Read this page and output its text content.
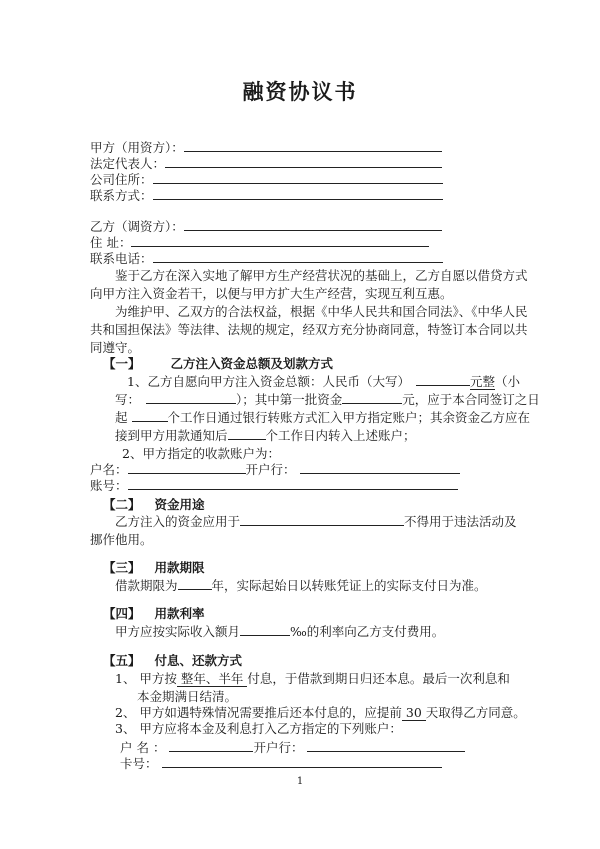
融资协议书
甲方（用资方）：
法定代表人：
公司住所：
联系方式：
乙方（调资方）：
住 址：
联系电话：
鉴于乙方在深入实地了解甲方生产经营状况的基础上，乙方自愿以借贷方式
向甲方注入资金若干，以便与甲方扩大生产经营，实现互利互惠。
为维护甲、乙双方的合法权益，根据《中华人民共和国合同法》、《中华人民
共和国担保法》等法律、法规的规定，经双方充分协商同意，特签订本合同以共
同遵守。
【一】 乙方注入资金总额及划款方式
1、乙方自愿向甲方注入资金总额：人民币（大写）	元整（小
写：	）；其中第一批资金	元，应于本合同签订之日
起	个工作日通过银行转账方式汇入甲方指定账户；其余资金乙方应在
接到甲方用款通知后	个工作日内转入上述账户；
2、甲方指定的收款账户为：
户名：	开户行：
账号：
【二】 资金用途
乙方注入的资金应用于	不得用于违法活动及
挪作他用。
【三】 用款期限
借款期限为	年，实际起始日以转账凭证上的实际支付日为准。
【四】 用款利率
甲方应按实际收入额月	‰的利率向乙方支付费用。
【五】 付息、还款方式
1、 甲方按 整年、半年 付息，于借款到期日归还本息。最后一次利息和
本金期满日结清。
2、 甲方如遇特殊情况需要推后还本付息的，应提前 30 天取得乙方同意。
3、 甲方应将本金及利息打入乙方指定的下列账户：
户 名 ：	开户行：
卡号：
1
